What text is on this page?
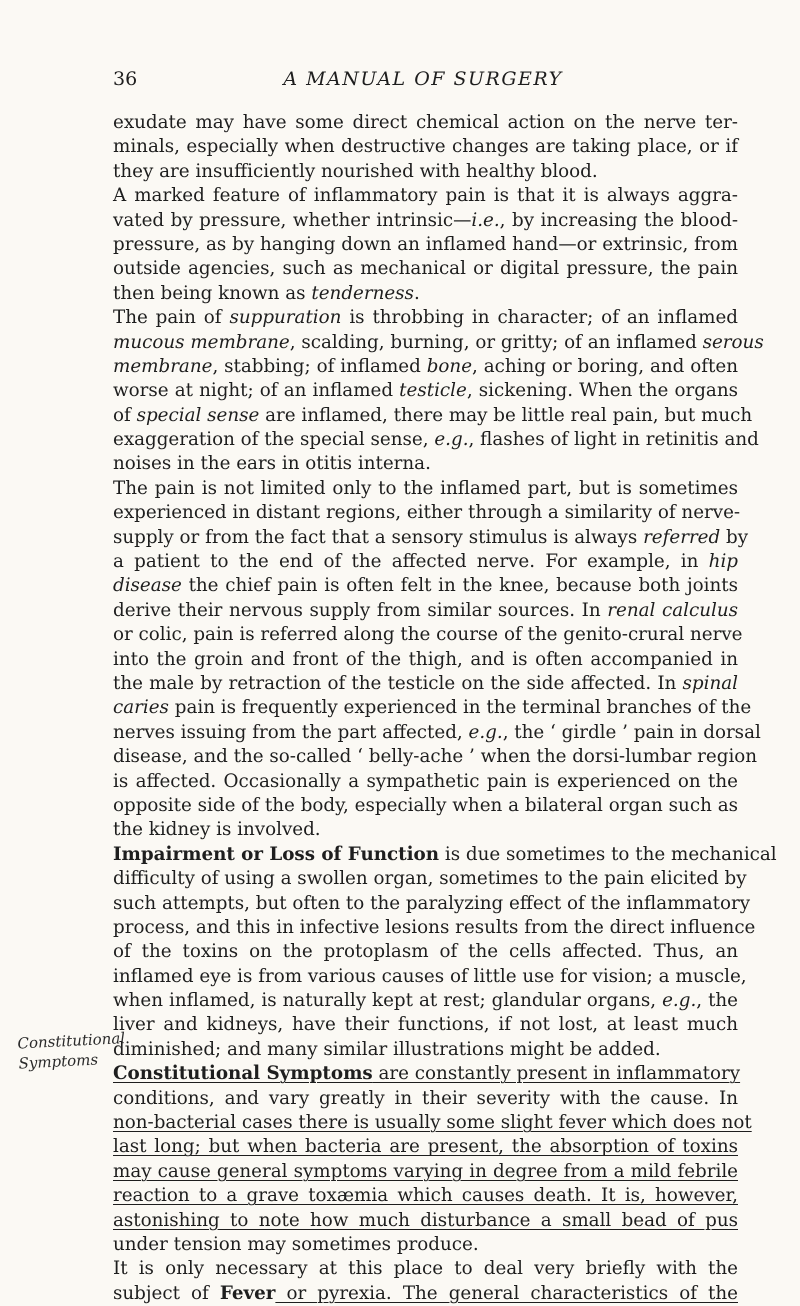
36	A MANUAL OF SURGERY
Constitutional
Symptoms
exudate may have some direct chemical action on the nerve ter-
minals, especially when destructive changes are taking place, or if
they are insufficiently nourished with healthy blood.
A marked feature of inflammatory pain is that it is always aggra-
vated by pressure, whether intrinsic—i.e., by increasing the blood-
pressure, as by hanging down an inflamed hand—or extrinsic, from
outside agencies, such as mechanical or digital pressure, the pain
then being known as tenderness.
The pain of suppuration is throbbing in character; of an inflamed
mucous membrane, scalding, burning, or gritty; of an inflamed serous
membrane, stabbing; of inflamed bone, aching or boring, and often
worse at night; of an inflamed testicle, sickening. When the organs
of special sense are inflamed, there may be little real pain, but much
exaggeration of the special sense, e.g., flashes of light in retinitis and
noises in the ears in otitis interna.
The pain is not limited only to the inflamed part, but is sometimes
experienced in distant regions, either through a similarity of nerve-
supply or from the fact that a sensory stimulus is always referred by
a patient to the end of the affected nerve. For example, in hip
disease the chief pain is often felt in the knee, because both joints
derive their nervous supply from similar sources. In renal calculus
or colic, pain is referred along the course of the genito-crural nerve
into the groin and front of the thigh, and is often accompanied in
the male by retraction of the testicle on the side affected. In spinal
caries pain is frequently experienced in the terminal branches of the
nerves issuing from the part affected, e.g., the ‘ girdle ’ pain in dorsal
disease, and the so-called ‘ belly-ache ’ when the dorsi-lumbar region
is affected. Occasionally a sympathetic pain is experienced on the
opposite side of the body, especially when a bilateral organ such as
the kidney is involved.
Impairment or Loss of Function is due sometimes to the mechanical
difficulty of using a swollen organ, sometimes to the pain elicited by
such attempts, but often to the paralyzing effect of the inflammatory
process, and this in infective lesions results from the direct influence
of the toxins on the protoplasm of the cells affected. Thus, an
inflamed eye is from various causes of little use for vision; a muscle,
when inflamed, is naturally kept at rest; glandular organs, e.g., the
liver and kidneys, have their functions, if not lost, at least much
diminished; and many similar illustrations might be added.
Constitutional Symptoms are constantly present in inflammatory
conditions, and vary greatly in their severity with the cause. In
non-bacterial cases there is usually some slight fever which does not
last long; but when bacteria are present, the absorption of toxins
may cause general symptoms varying in degree from a mild febrile
reaction to a grave toxæmia which causes death. It is, however,
astonishing to note how much disturbance a small bead of pus
under tension may sometimes produce.
It is only necessary at this place to deal very briefly with the
subject of Fever or pyrexia. The general characteristics of the
